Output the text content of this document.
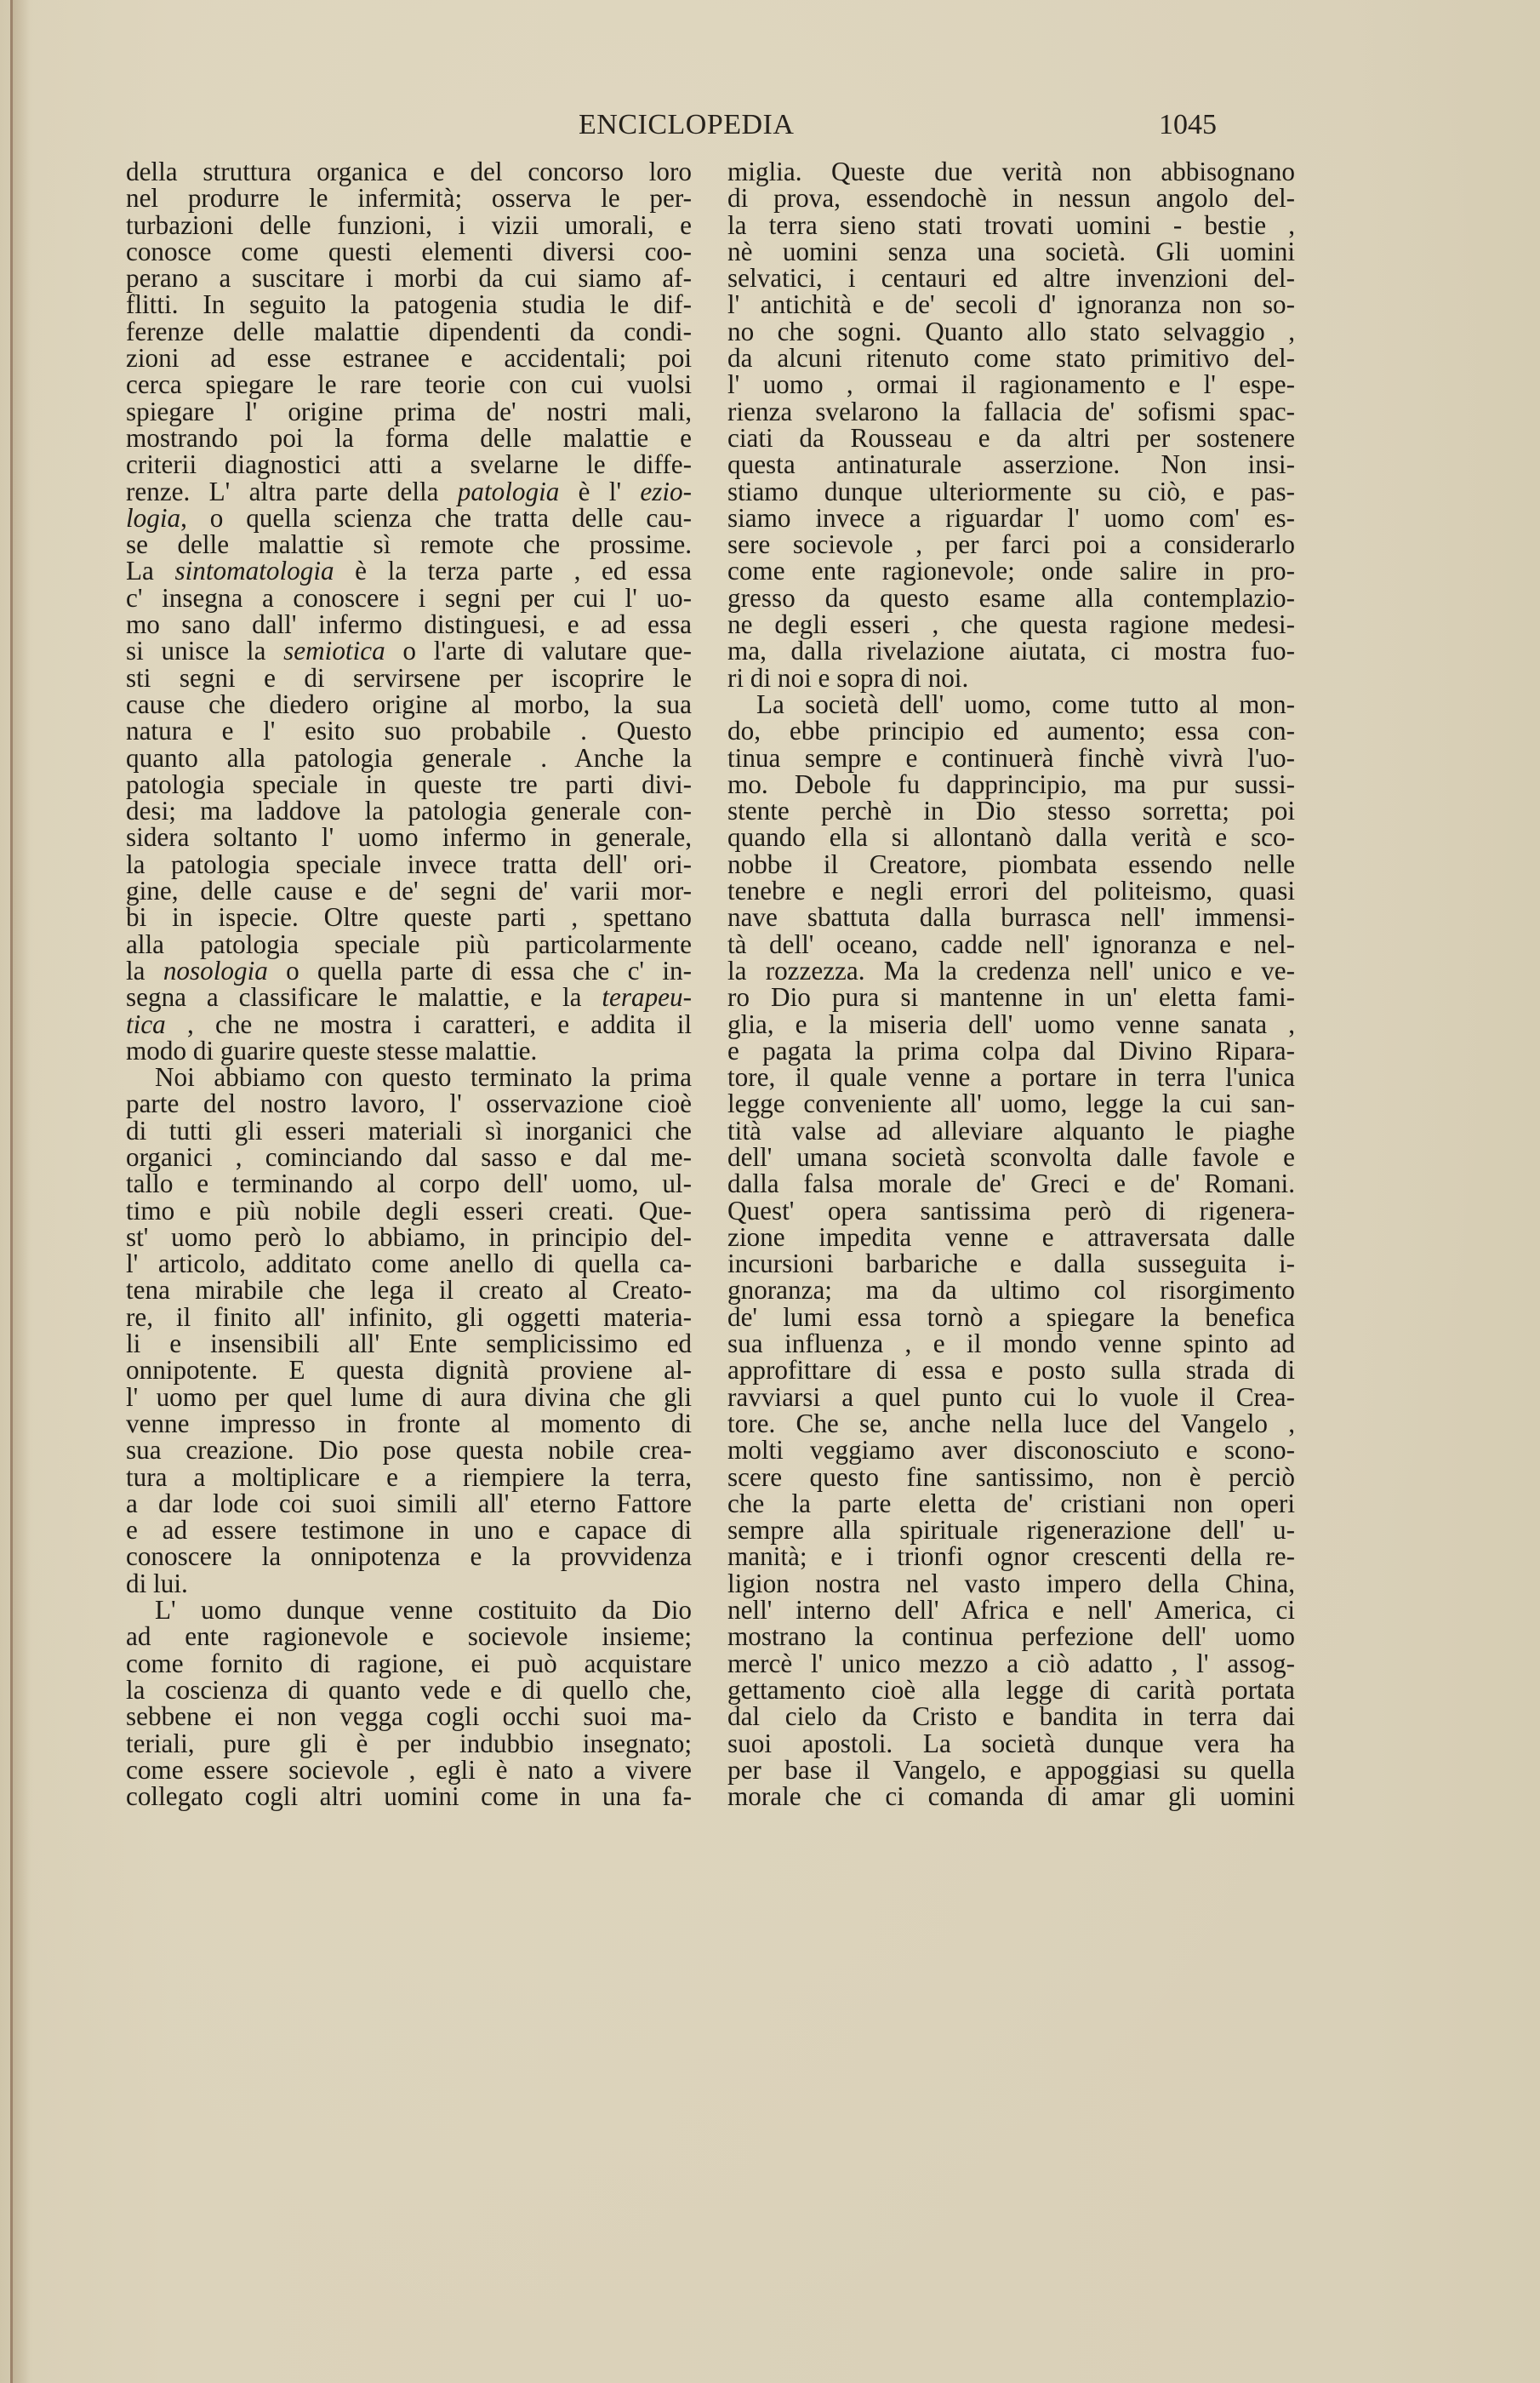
ENCICLOPEDIA	1045
della struttura organica e del concorso loro
nel produrre le infermità; osserva le per-
turbazioni delle funzioni, i vizii umorali, e
conosce come questi elementi diversi coo-
perano a suscitare i morbi da cui siamo af-
flitti. In seguito la patogenia studia le dif-
ferenze delle malattie dipendenti da condi-
zioni ad esse estranee e accidentali; poi
cerca spiegare le rare teorie con cui vuolsi
spiegare l' origine prima de' nostri mali,
mostrando poi la forma delle malattie e
criterii diagnostici atti a svelarne le diffe-
renze. L' altra parte della patologia è l' ezio-
logia, o quella scienza che tratta delle cau-
se delle malattie sì remote che prossime.
La sintomatologia è la terza parte , ed essa
c' insegna a conoscere i segni per cui l' uo-
mo sano dall' infermo distinguesi, e ad essa
si unisce la semiotica o l'arte di valutare que-
sti segni e di servirsene per iscoprire le
cause che diedero origine al morbo, la sua
natura e l' esito suo probabile . Questo
quanto alla patologia generale . Anche la
patologia speciale in queste tre parti divi-
desi; ma laddove la patologia generale con-
sidera soltanto l' uomo infermo in generale,
la patologia speciale invece tratta dell' ori-
gine, delle cause e de' segni de' varii mor-
bi in ispecie. Oltre queste parti , spettano
alla patologia speciale più particolarmente
la nosologia o quella parte di essa che c' in-
segna a classificare le malattie, e la terapeu-
tica , che ne mostra i caratteri, e addita il
modo di guarire queste stesse malattie.
Noi abbiamo con questo terminato la prima
parte del nostro lavoro, l' osservazione cioè
di tutti gli esseri materiali sì inorganici che
organici , cominciando dal sasso e dal me-
tallo e terminando al corpo dell' uomo, ul-
timo e più nobile degli esseri creati. Que-
st' uomo però lo abbiamo, in principio del-
l' articolo, additato come anello di quella ca-
tena mirabile che lega il creato al Creato-
re, il finito all' infinito, gli oggetti materia-
li e insensibili all' Ente semplicissimo ed
onnipotente. E questa dignità proviene al-
l' uomo per quel lume di aura divina che gli
venne impresso in fronte al momento di
sua creazione. Dio pose questa nobile crea-
tura a moltiplicare e a riempiere la terra,
a dar lode coi suoi simili all' eterno Fattore
e ad essere testimone in uno e capace di
conoscere la onnipotenza e la provvidenza
di lui.
L' uomo dunque venne costituito da Dio
ad ente ragionevole e socievole insieme;
come fornito di ragione, ei può acquistare
la coscienza di quanto vede e di quello che,
sebbene ei non vegga cogli occhi suoi ma-
teriali, pure gli è per indubbio insegnato;
come essere socievole , egli è nato a vivere
collegato cogli altri uomini come in una fa-
miglia. Queste due verità non abbisognano
di prova, essendochè in nessun angolo del-
la terra sieno stati trovati uomini - bestie ,
nè uomini senza una società. Gli uomini
selvatici, i centauri ed altre invenzioni del-
l' antichità e de' secoli d' ignoranza non so-
no che sogni. Quanto allo stato selvaggio ,
da alcuni ritenuto come stato primitivo del-
l' uomo , ormai il ragionamento e l' espe-
rienza svelarono la fallacia de' sofismi spac-
ciati da Rousseau e da altri per sostenere
questa antinaturale asserzione. Non insi-
stiamo dunque ulteriormente su ciò, e pas-
siamo invece a riguardar l' uomo com' es-
sere socievole , per farci poi a considerarlo
come ente ragionevole; onde salire in pro-
gresso da questo esame alla contemplazio-
ne degli esseri , che questa ragione medesi-
ma, dalla rivelazione aiutata, ci mostra fuo-
ri di noi e sopra di noi.
La società dell' uomo, come tutto al mon-
do, ebbe principio ed aumento; essa con-
tinua sempre e continuerà finchè vivrà l'uo-
mo. Debole fu dapprincipio, ma pur sussi-
stente perchè in Dio stesso sorretta; poi
quando ella si allontanò dalla verità e sco-
nobbe il Creatore, piombata essendo nelle
tenebre e negli errori del politeismo, quasi
nave sbattuta dalla burrasca nell' immensi-
tà dell' oceano, cadde nell' ignoranza e nel-
la rozzezza. Ma la credenza nell' unico e ve-
ro Dio pura si mantenne in un' eletta fami-
glia, e la miseria dell' uomo venne sanata ,
e pagata la prima colpa dal Divino Ripara-
tore, il quale venne a portare in terra l'unica
legge conveniente all' uomo, legge la cui san-
tità valse ad alleviare alquanto le piaghe
dell' umana società sconvolta dalle favole e
dalla falsa morale de' Greci e de' Romani.
Quest' opera santissima però di rigenera-
zione impedita venne e attraversata dalle
incursioni barbariche e dalla susseguita i-
gnoranza; ma da ultimo col risorgimento
de' lumi essa tornò a spiegare la benefica
sua influenza , e il mondo venne spinto ad
approfittare di essa e posto sulla strada di
ravviarsi a quel punto cui lo vuole il Crea-
tore. Che se, anche nella luce del Vangelo ,
molti veggiamo aver disconosciuto e scono-
scere questo fine santissimo, non è perciò
che la parte eletta de' cristiani non operi
sempre alla spirituale rigenerazione dell' u-
manità; e i trionfi ognor crescenti della re-
ligion nostra nel vasto impero della China,
nell' interno dell' Africa e nell' America, ci
mostrano la continua perfezione dell' uomo
mercè l' unico mezzo a ciò adatto , l' assog-
gettamento cioè alla legge di carità portata
dal cielo da Cristo e bandita in terra dai
suoi apostoli. La società dunque vera ha
per base il Vangelo, e appoggiasi su quella
morale che ci comanda di amar gli uomini
